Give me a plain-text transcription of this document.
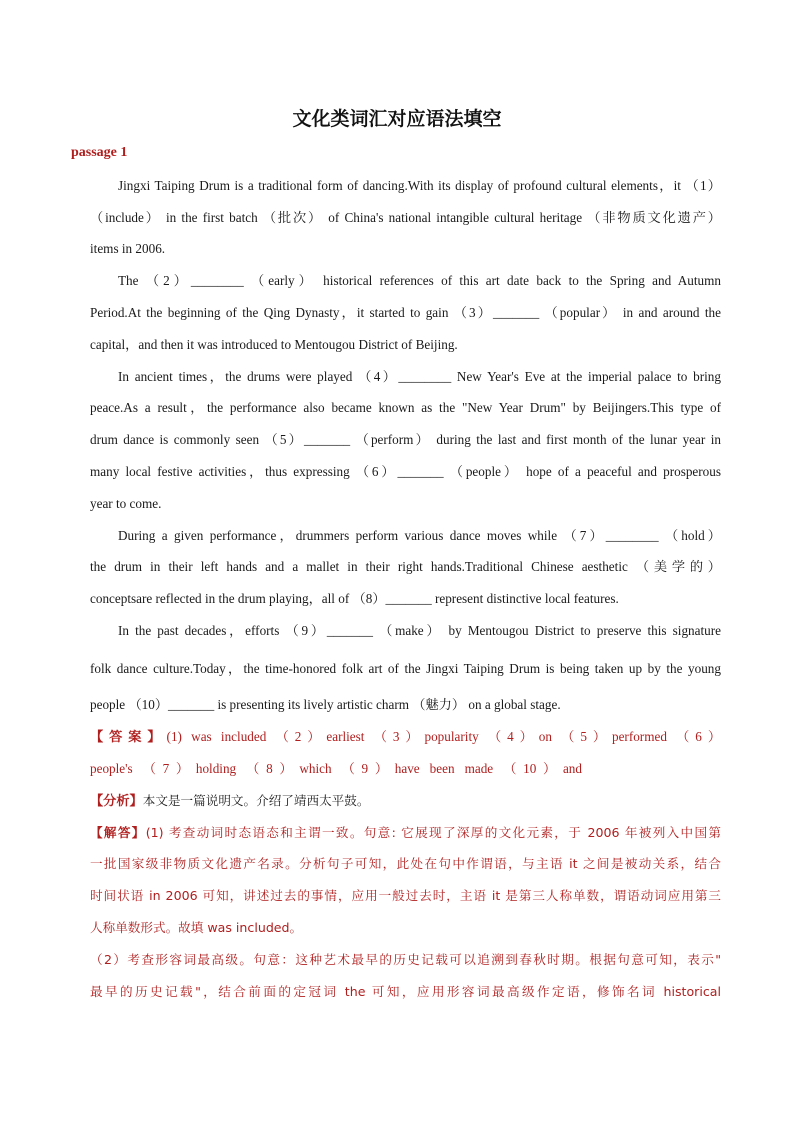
文化类词汇对应语法填空
passage 1
Jingxi Taiping Drum is a traditional form of dancing.With its display of profound cultural elements，it （1）
（include） in the first batch （批次） of China's national intangible cultural heritage （非物质文化遗产）
items in 2006.
The （2）________ （early） historical references of this art date back to the Spring and Autumn
Period.At the beginning of the Qing Dynasty，it started to gain （3）_______ （popular） in and around the
capital，and then it was introduced to Mentougou District of Beijing.
In ancient times，the drums were played （4）________ New Year's Eve at the imperial palace to bring
peace.As a result，the performance also became known as the "New Year Drum" by Beijingers.This type of
drum dance is commonly seen （5）_______ （perform） during the last and first month of the lunar year in
many local festive activities，thus expressing （6）_______ （people） hope of a peaceful and prosperous
year to come.
During a given performance，drummers perform various dance moves while （7）________ （hold）
the drum in their left hands and a mallet in their right hands.Traditional Chinese aesthetic （美学的）
conceptsare reflected in the drum playing，all of （8）_______ represent distinctive local features.
In the past decades，efforts （9）_______ （make） by Mentougou District to preserve this signature
folk dance culture.Today，the time-honored folk art of the Jingxi Taiping Drum is being taken up by the young
people （10）_______ is presenting its lively artistic charm （魅力） on a global stage.
【答案】(1) was included （2）earliest （3）popularity （4）on （5）performed （6）
people's （7）holding （8）which （9）have been made （10）and
【分析】本文是一篇说明文。介绍了靖西太平鼓。
【解答】(1) 考查动词时态语态和主谓一致。句意: 它展现了深厚的文化元素，于 2006 年被列入中国第
一批国家级非物质文化遗产名录。分析句子可知，此处在句中作谓语，与主语 it 之间是被动关系，结合
时间状语 in 2006 可知，讲述过去的事情，应用一般过去时，主语 it 是第三人称单数，谓语动词应用第三
人称单数形式。故填 was included。
（2）考查形容词最高级。句意：这种艺术最早的历史记载可以追溯到春秋时期。根据句意可知，表示"
最早的历史记载"，结合前面的定冠词 the 可知，应用形容词最高级作定语，修饰名词 historical
